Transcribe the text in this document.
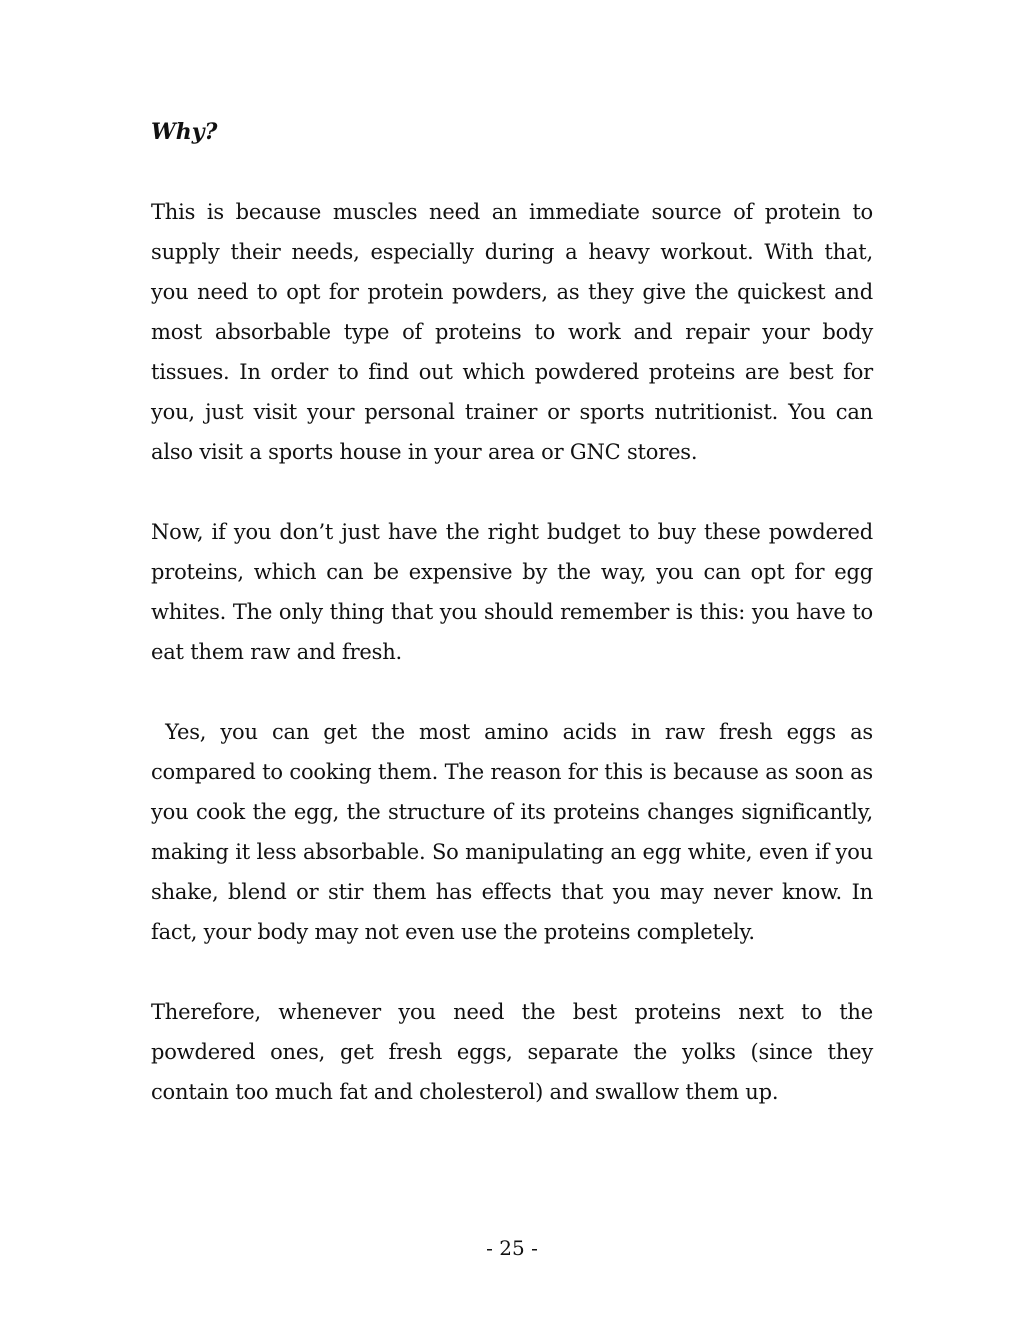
Why?

This is because muscles need an immediate source of protein to supply their needs, especially during a heavy workout. With that, you need to opt for protein powders, as they give the quickest and most absorbable type of proteins to work and repair your body tissues. In order to find out which powdered proteins are best for you, just visit your personal trainer or sports nutritionist. You can also visit a sports house in your area or GNC stores.

Now, if you don’t just have the right budget to buy these powdered proteins, which can be expensive by the way, you can opt for egg whites. The only thing that you should remember is this: you have to eat them raw and fresh.

Yes, you can get the most amino acids in raw fresh eggs as compared to cooking them. The reason for this is because as soon as you cook the egg, the structure of its proteins changes significantly, making it less absorbable. So manipulating an egg white, even if you shake, blend or stir them has effects that you may never know. In fact, your body may not even use the proteins completely.

Therefore, whenever you need the best proteins next to the powdered ones, get fresh eggs, separate the yolks (since they contain too much fat and cholesterol) and swallow them up.

- 25 -
